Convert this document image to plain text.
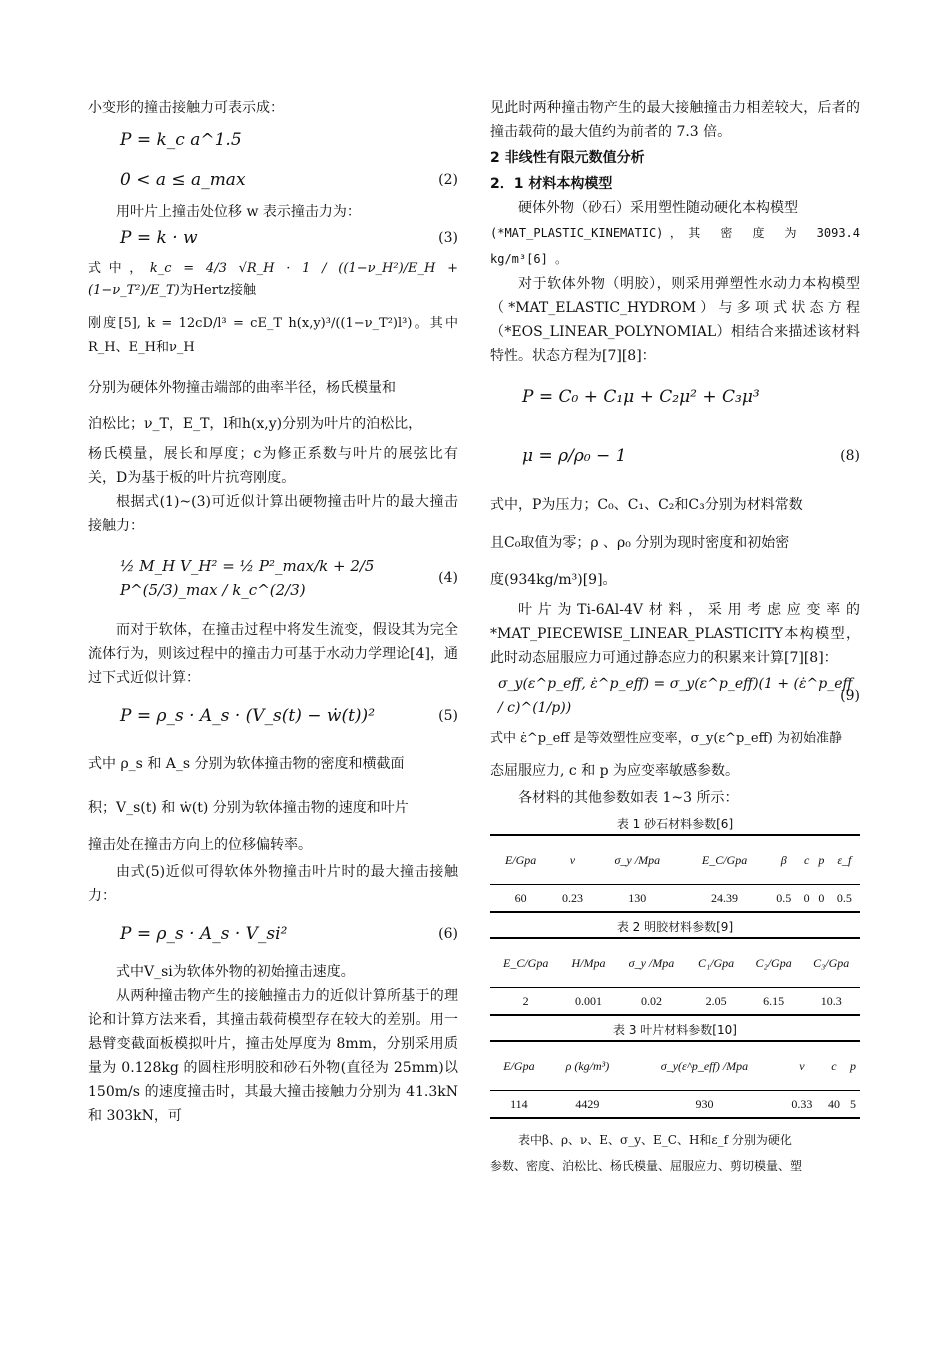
小变形的撞击接触力可表示成：

P = k_c a^1.5
0 < a ≤ a_max	(2)

用叶片上撞击处位移 w 表示撞击力为：

P = k · w	(3)

式中，k_c = 4/3 √R_H · 1 / ((1−ν_H²)/E_H + (1−ν_T²)/E_T)为Hertz接触

刚度[5], k = 12cD/l³ = cE_T h(x,y)³/((1−ν_T²)l³)。其中R_H、E_H和ν_H

分别为硬体外物撞击端部的曲率半径，杨氏模量和

泊松比；ν_T，E_T，l和h(x,y)分别为叶片的泊松比，

杨氏模量，展长和厚度；c为修正系数与叶片的展弦比有关，D为基于板的叶片抗弯刚度。

根据式(1)~(3)可近似计算出硬物撞击叶片的最大撞击接触力：

½ M_H V_H² = ½ P²_max/k + 2/5 P^(5/3)_max / k_c^(2/3)
(4)

而对于软体，在撞击过程中将发生流变，假设其为完全流体行为，则该过程中的撞击力可基于水动力学理论[4]，通过下式近似计算：

P = ρ_s · A_s · (V_s(t) − ẇ(t))²	(5)

式中 ρ_s 和 A_s 分别为软体撞击物的密度和横截面

积；V_s(t) 和 ẇ(t) 分别为软体撞击物的速度和叶片

撞击处在撞击方向上的位移偏转率。

由式(5)近似可得软体外物撞击叶片时的最大撞击接触力：

P = ρ_s · A_s · V_si²	(6)

式中V_si为软体外物的初始撞击速度。

从两种撞击物产生的接触撞击力的近似计算所基于的理论和计算方法来看，其撞击载荷模型存在较大的差别。用一悬臂变截面板模拟叶片，撞击处厚度为 8mm，分别采用质量为 0.128kg 的圆柱形明胶和砂石外物(直径为 25mm)以 150m/s 的速度撞击时，其最大撞击接触力分别为 41.3kN 和 303kN，可

见此时两种撞击物产生的最大接触撞击力相差较大，后者的撞击载荷的最大值约为前者的 7.3 倍。

2 非线性有限元数值分析
2．1 材料本构模型

硬体外物（砂石）采用塑性随动硬化本构模型

(*MAT_PLASTIC_KINEMATIC)，其 密 度 为 3093.4 kg/m³[6] 。

对于软体外物（明胶），则采用弹塑性水动力本构模型（*MAT_ELASTIC_HYDROM）与多项式状态方程（*EOS_LINEAR_POLYNOMIAL）相结合来描述该材料特性。状态方程为[7][8]：

P = C₀ + C₁μ + C₂μ² + C₃μ³
μ = ρ/ρ₀ − 1	(8)

式中，P为压力；C₀、C₁、C₂和C₃分别为材料常数

且C₀取值为零；ρ 、ρ₀ 分别为现时密度和初始密

度(934kg/m³)[9]。

叶片为Ti-6Al-4V材料，采用考虑应变率的*MAT_PIECEWISE_LINEAR_PLASTICITY本构模型，此时动态屈服应力可通过静态应力的积累来计算[7][8]：

σ_y(ε^p_eff, ε̇^p_eff) = σ_y(ε^p_eff)(1 + (ε̇^p_eff / c)^(1/p))
(9)

式中 ε̇^p_eff 是等效塑性应变率，σ_y(ε^p_eff) 为初始准静

态屈服应力, c 和 p 为应变率敏感参数。

各材料的其他参数如表 1~3 所示：

表 1 砂石材料参数[6]
E/Gpa	ν	σ_y /Mpa	E_C/Gpa	β	c	p	ε_f
60	0.23	130	24.39	0.5	0	0	0.5
表 2 明胶材料参数[9]
E_C/Gpa	H/Mpa	σ_y /Mpa	C₁/Gpa	C₂/Gpa	C₃/Gpa
2	0.001	0.02	2.05	6.15	10.3
表 3 叶片材料参数[10]
E/Gpa	ρ (kg/m³)	σ_y(ε^p_eff) /Mpa	ν	c	p
114	4429	930	0.33	40	5

表中β、ρ、ν、E、σ_y、E_C、H和ε_f 分别为硬化

参数、密度、泊松比、杨氏模量、屈服应力、剪切模量、塑
